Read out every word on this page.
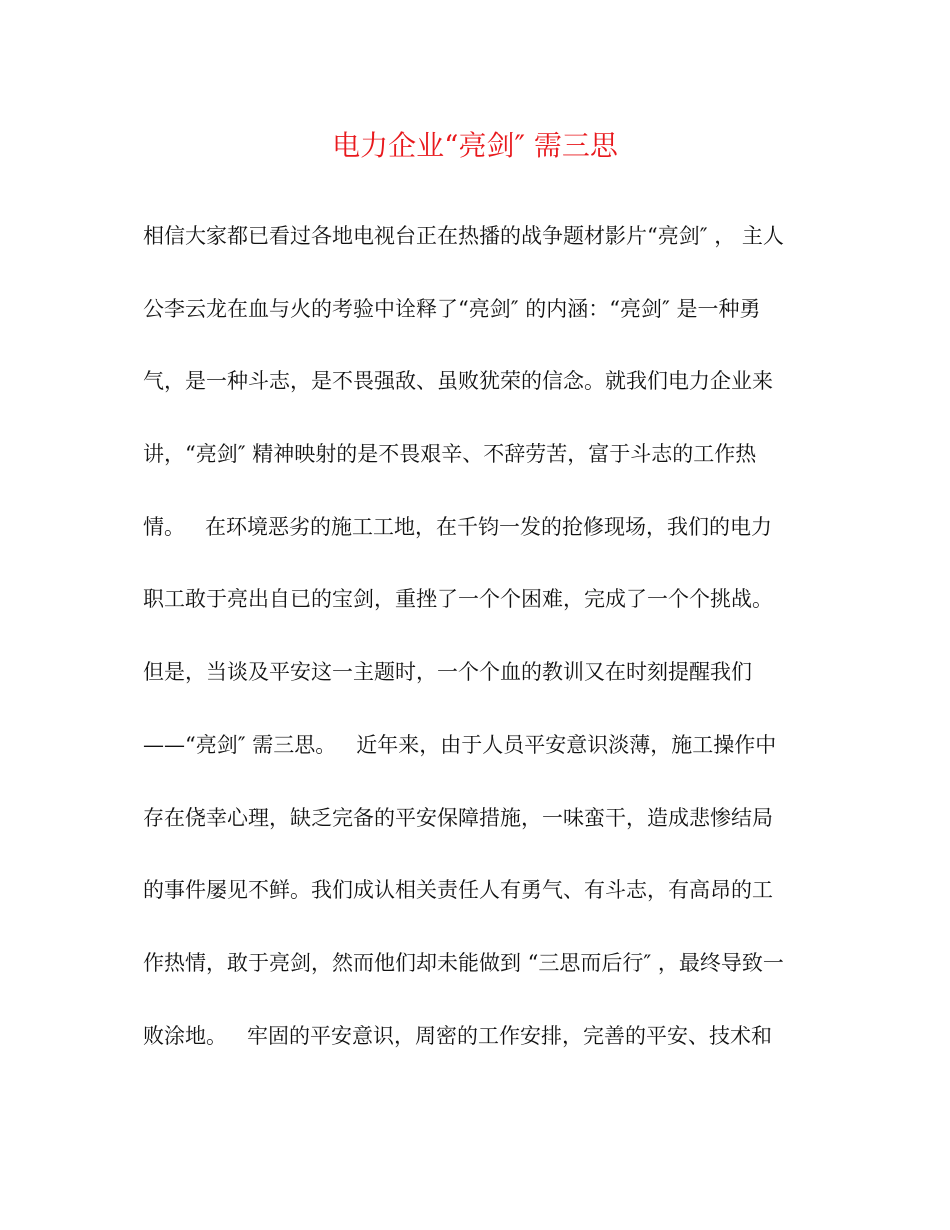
电力企业“亮剑″ 需三思
相信大家都已看过各地电视台正在热播的战争题材影片“亮剑″ ， 主人
公李云龙在血与火的考验中诠释了“亮剑″ 的内涵：“亮剑″ 是一种勇
气，是一种斗志，是不畏强敌、虽败犹荣的信念。就我们电力企业来
讲，“亮剑″ 精神映射的是不畏艰辛、不辞劳苦，富于斗志的工作热
情。   在环境恶劣的施工工地，在千钧一发的抢修现场，我们的电力
职工敢于亮出自已的宝剑，重挫了一个个困难，完成了一个个挑战。
但是，当谈及平安这一主题时，一个个血的教训又在时刻提醒我们
——“亮剑″ 需三思。   近年来，由于人员平安意识淡薄，施工操作中
存在侥幸心理，缺乏完备的平安保障措施，一味蛮干，造成悲惨结局
的事件屡见不鲜。我们成认相关责任人有勇气、有斗志，有高昂的工
作热情，敢于亮剑，然而他们却未能做到 “三思而后行″ ，最终导致一
败涂地。   牢固的平安意识，周密的工作安排，完善的平安、技术和
